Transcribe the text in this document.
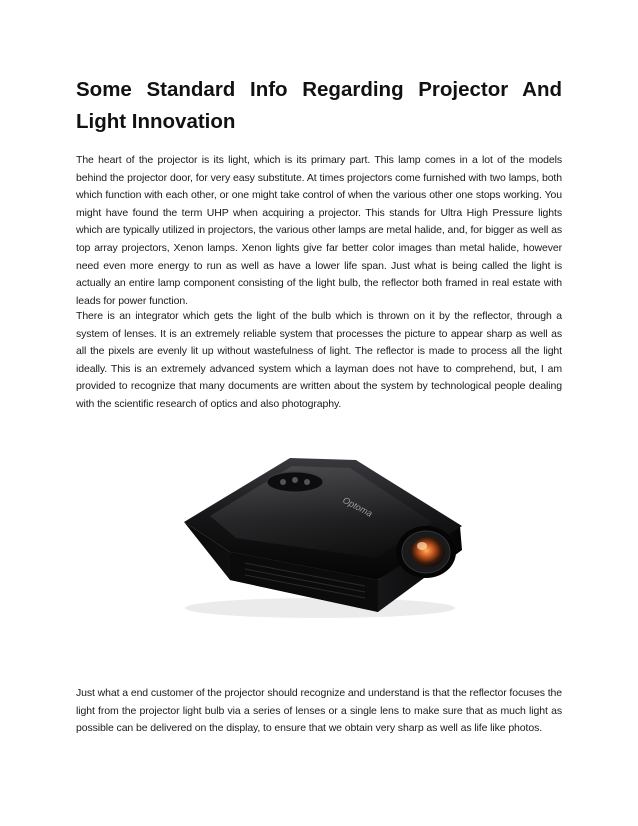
Some Standard Info Regarding Projector And Light Innovation

The heart of the projector is its light, which is its primary part. This lamp comes in a lot of the models behind the projector door, for very easy substitute. At times projectors come furnished with two lamps, both which function with each other, or one might take control of when the various other one stops working. You might have found the term UHP when acquiring a projector. This stands for Ultra High Pressure lights which are typically utilized in projectors, the various other lamps are metal halide, and, for bigger as well as top array projectors, Xenon lamps. Xenon lights give far better color images than metal halide, however need even more energy to run as well as have a lower life span. Just what is being called the light is actually an entire lamp component consisting of the light bulb, the reflector both framed in real estate with leads for power function.

There is an integrator which gets the light of the bulb which is thrown on it by the reflector, through a system of lenses. It is an extremely reliable system that processes the picture to appear sharp as well as all the pixels are evenly lit up without wastefulness of light. The reflector is made to process all the light ideally. This is an extremely advanced system which a layman does not have to comprehend, but, I am provided to recognize that many documents are written about the system by technological people dealing with the scientific research of optics and also photography.

Optoma

Just what a end customer of the projector should recognize and understand is that the reflector focuses the light from the projector light bulb via a series of lenses or a single lens to make sure that as much light as possible can be delivered on the display, to ensure that we obtain very sharp as well as life like photos.
